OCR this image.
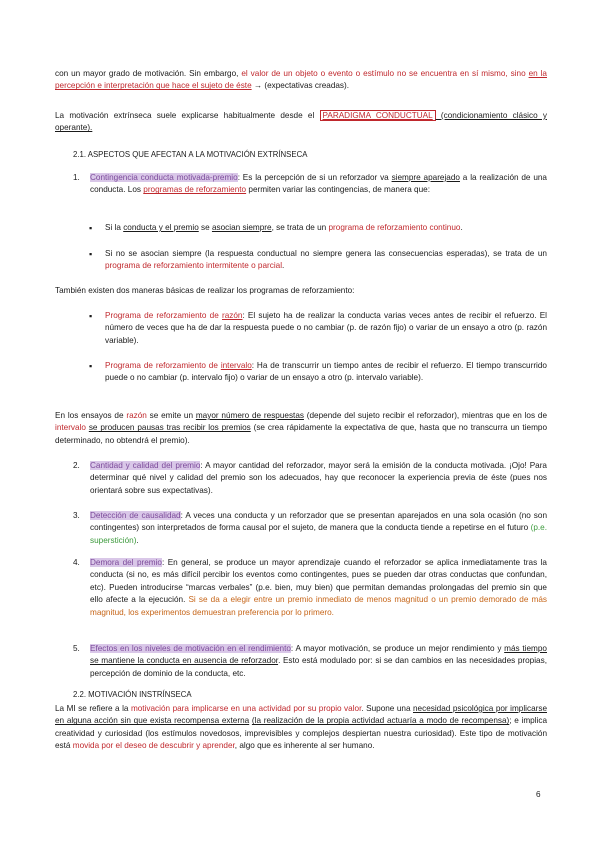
con un mayor grado de motivación. Sin embargo, el valor de un objeto o evento o estímulo no se encuentra en sí mismo, sino en la percepción e interpretación que hace el sujeto de éste → (expectativas creadas).

La motivación extrínseca suele explicarse habitualmente desde el PARADIGMA CONDUCTUAL (condicionamiento clásico y operante).

2.1. ASPECTOS QUE AFECTAN A LA MOTIVACIÓN EXTRÍNSECA

1. Contingencia conducta motivada-premio: Es la percepción de si un reforzador va siempre aparejado a la realización de una conducta. Los programas de reforzamiento permiten variar las contingencias, de manera que:

▪ Si la conducta y el premio se asocian siempre, se trata de un programa de reforzamiento continuo.

▪ Si no se asocian siempre (la respuesta conductual no siempre genera las consecuencias esperadas), se trata de un programa de reforzamiento intermitente o parcial.

También existen dos maneras básicas de realizar los programas de reforzamiento:

▪ Programa de reforzamiento de razón: El sujeto ha de realizar la conducta varias veces antes de recibir el refuerzo. El número de veces que ha de dar la respuesta puede o no cambiar (p. de razón fijo) o variar de un ensayo a otro (p. razón variable).

▪ Programa de reforzamiento de intervalo: Ha de transcurrir un tiempo antes de recibir el refuerzo. El tiempo transcurrido puede o no cambiar (p. intervalo fijo) o variar de un ensayo a otro (p. intervalo variable).

En los ensayos de razón se emite un mayor número de respuestas (depende del sujeto recibir el reforzador), mientras que en los de intervalo se producen pausas tras recibir los premios (se crea rápidamente la expectativa de que, hasta que no transcurra un tiempo determinado, no obtendrá el premio).

2. Cantidad y calidad del premio: A mayor cantidad del reforzador, mayor será la emisión de la conducta motivada. ¡Ojo! Para determinar qué nivel y calidad del premio son los adecuados, hay que reconocer la experiencia previa de éste (pues nos orientará sobre sus expectativas).

3. Detección de causalidad: A veces una conducta y un reforzador que se presentan aparejados en una sola ocasión (no son contingentes) son interpretados de forma causal por el sujeto, de manera que la conducta tiende a repetirse en el futuro (p.e. superstición).

4. Demora del premio: En general, se produce un mayor aprendizaje cuando el reforzador se aplica inmediatamente tras la conducta (si no, es más difícil percibir los eventos como contingentes, pues se pueden dar otras conductas que confundan, etc). Pueden introducirse “marcas verbales” (p.e. bien, muy bien) que permitan demandas prolongadas del premio sin que ello afecte a la ejecución. Si se da a elegir entre un premio inmediato de menos magnitud o un premio demorado de más magnitud, los experimentos demuestran preferencia por lo primero.

5. Efectos en los niveles de motivación en el rendimiento: A mayor motivación, se produce un mejor rendimiento y más tiempo se mantiene la conducta en ausencia de reforzador. Esto está modulado por: si se dan cambios en las necesidades propias, percepción de dominio de la conducta, etc.

2.2. MOTIVACIÓN INSTRÍNSECA

La MI se refiere a la motivación para implicarse en una actividad por su propio valor. Supone una necesidad psicológica por implicarse en alguna acción sin que exista recompensa externa (la realización de la propia actividad actuaría a modo de recompensa); e implica creatividad y curiosidad (los estímulos novedosos, imprevisibles y complejos despiertan nuestra curiosidad). Este tipo de motivación está movida por el deseo de descubrir y aprender, algo que es inherente al ser humano.

6
